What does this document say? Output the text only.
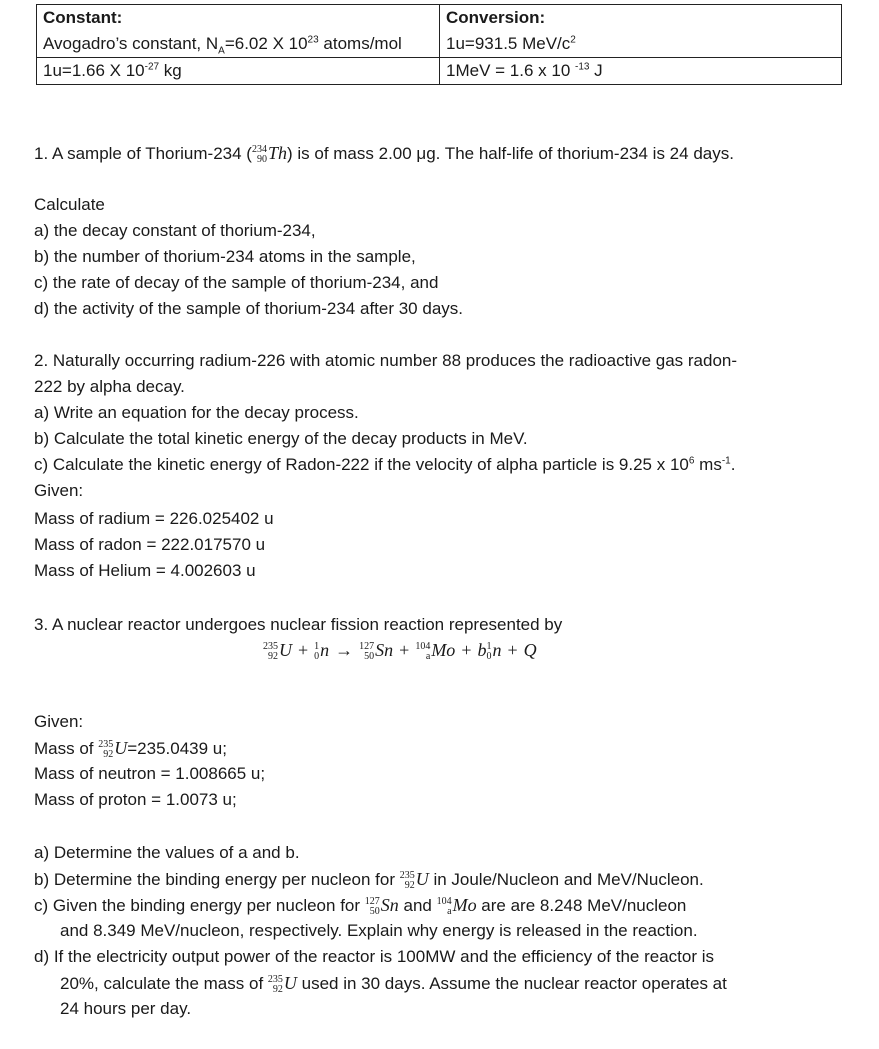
Constant:	Conversion:
Avogadro’s constant, $N_A=6.02$ X $10^{23}$ atoms/mol	1u=931.5 MeV/$c^2$
1u=1.66 X $10^{-27}$ kg	1MeV = 1.6 x 10 $^{-13}$ J
1. A sample of Thorium-234 ( 234
90 Th) is of mass 2.00 μg. The half-life of thorium-234 is 24 days.
Calculate
a) the decay constant of thorium-234,
b) the number of thorium-234 atoms in the sample,
c) the rate of decay of the sample of thorium-234, and
d) the activity of the sample of thorium-234 after 30 days.
2. Naturally occurring radium-226 with atomic number 88 produces the radioactive gas radon-
222 by alpha decay.
a) Write an equation for the decay process.
b) Calculate the total kinetic energy of the decay products in MeV.
c) Calculate the kinetic energy of Radon-222 if the velocity of alpha particle is 9.25 x $10^6$ $ms^{-1}$.
Given:
Mass of radium = 226.025402 u
Mass of radon = 222.017570 u
Mass of Helium = 4.002603 u
3. A nuclear reactor undergoes nuclear fission reaction represented by
235
92 U + 1
0 n → 127
50 Sn + 104
a Mo + b 1
0 n + Q
Given:
Mass of 235
92 U=235.0439 u;
Mass of neutron = 1.008665 u;
Mass of proton = 1.0073 u;
a) Determine the values of a and b.
b) Determine the binding energy per nucleon for 235
92 U in Joule/Nucleon and MeV/Nucleon.
c) Given the binding energy per nucleon for 127
50 Sn and 104
a Mo are are 8.248 MeV/nucleon
and 8.349 MeV/nucleon, respectively. Explain why energy is released in the reaction.
d) If the electricity output power of the reactor is 100MW and the efficiency of the reactor is
20%, calculate the mass of 235
92 U used in 30 days. Assume the nuclear reactor operates at
24 hours per day.
